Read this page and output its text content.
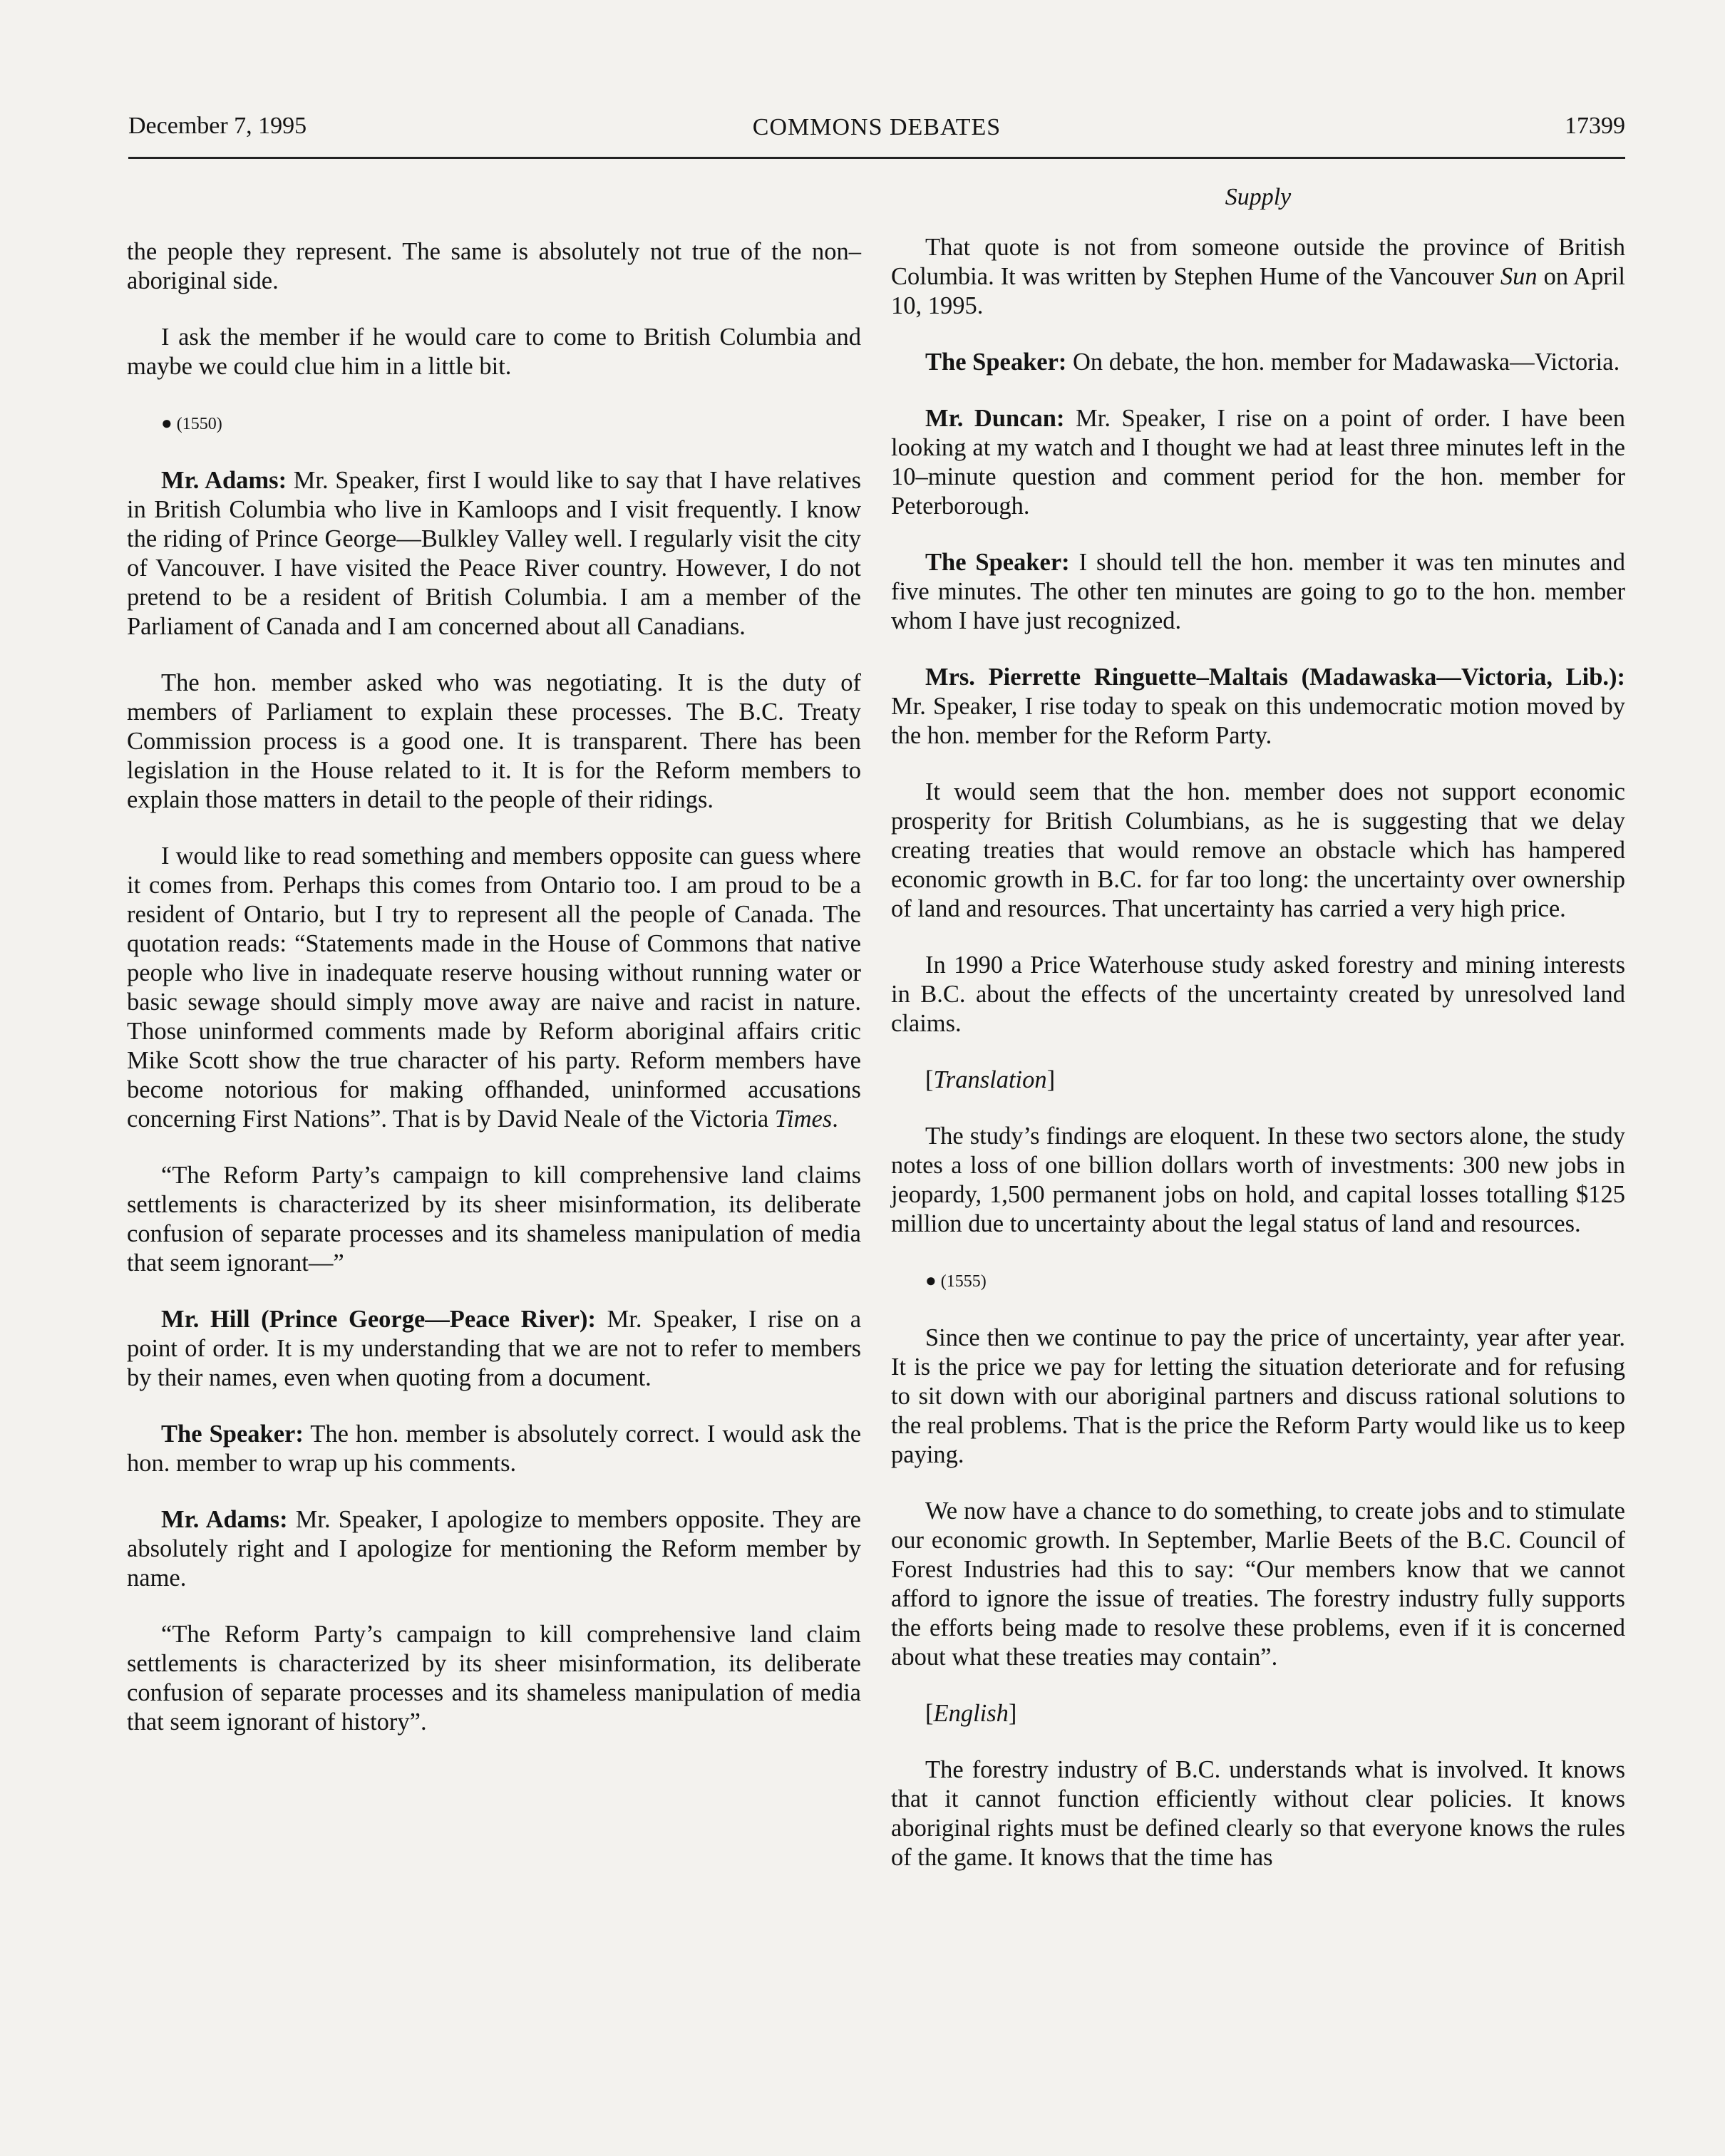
December 7, 1995	COMMONS DEBATES	17399

the people they represent. The same is absolutely not true of the non–aboriginal side.

I ask the member if he would care to come to British Columbia and maybe we could clue him in a little bit.

● (1550)

Mr. Adams: Mr. Speaker, first I would like to say that I have relatives in British Columbia who live in Kamloops and I visit frequently. I know the riding of Prince George—Bulkley Valley well. I regularly visit the city of Vancouver. I have visited the Peace River country. However, I do not pretend to be a resident of British Columbia. I am a member of the Parliament of Canada and I am concerned about all Canadians.

The hon. member asked who was negotiating. It is the duty of members of Parliament to explain these processes. The B.C. Treaty Commission process is a good one. It is transparent. There has been legislation in the House related to it. It is for the Reform members to explain those matters in detail to the people of their ridings.

I would like to read something and members opposite can guess where it comes from. Perhaps this comes from Ontario too. I am proud to be a resident of Ontario, but I try to represent all the people of Canada. The quotation reads: “Statements made in the House of Commons that native people who live in inadequate reserve housing without running water or basic sewage should simply move away are naive and racist in nature. Those uninformed comments made by Reform aboriginal affairs critic Mike Scott show the true character of his party. Reform members have become notorious for making offhanded, uninformed accusations concerning First Nations”. That is by David Neale of the Victoria Times.

“The Reform Party’s campaign to kill comprehensive land claims settlements is characterized by its sheer misinformation, its deliberate confusion of separate processes and its shameless manipulation of media that seem ignorant—”

Mr. Hill (Prince George—Peace River): Mr. Speaker, I rise on a point of order. It is my understanding that we are not to refer to members by their names, even when quoting from a document.

The Speaker: The hon. member is absolutely correct. I would ask the hon. member to wrap up his comments.

Mr. Adams: Mr. Speaker, I apologize to members opposite. They are absolutely right and I apologize for mentioning the Reform member by name.

“The Reform Party’s campaign to kill comprehensive land claim settlements is characterized by its sheer misinformation, its deliberate confusion of separate processes and its shameless manipulation of media that seem ignorant of history”.

Supply

That quote is not from someone outside the province of British Columbia. It was written by Stephen Hume of the Vancouver Sun on April 10, 1995.

The Speaker: On debate, the hon. member for Madawaska—Victoria.

Mr. Duncan: Mr. Speaker, I rise on a point of order. I have been looking at my watch and I thought we had at least three minutes left in the 10–minute question and comment period for the hon. member for Peterborough.

The Speaker: I should tell the hon. member it was ten minutes and five minutes. The other ten minutes are going to go to the hon. member whom I have just recognized.

Mrs. Pierrette Ringuette–Maltais (Madawaska—Victoria, Lib.): Mr. Speaker, I rise today to speak on this undemocratic motion moved by the hon. member for the Reform Party.

It would seem that the hon. member does not support economic prosperity for British Columbians, as he is suggesting that we delay creating treaties that would remove an obstacle which has hampered economic growth in B.C. for far too long: the uncertainty over ownership of land and resources. That uncertainty has carried a very high price.

In 1990 a Price Waterhouse study asked forestry and mining interests in B.C. about the effects of the uncertainty created by unresolved land claims.

[ Translation ]

The study’s findings are eloquent. In these two sectors alone, the study notes a loss of one billion dollars worth of investments: 300 new jobs in jeopardy, 1,500 permanent jobs on hold, and capital losses totalling $125 million due to uncertainty about the legal status of land and resources.

● (1555)

Since then we continue to pay the price of uncertainty, year after year. It is the price we pay for letting the situation deteriorate and for refusing to sit down with our aboriginal partners and discuss rational solutions to the real problems. That is the price the Reform Party would like us to keep paying.

We now have a chance to do something, to create jobs and to stimulate our economic growth. In September, Marlie Beets of the B.C. Council of Forest Industries had this to say: “Our members know that we cannot afford to ignore the issue of treaties. The forestry industry fully supports the efforts being made to resolve these problems, even if it is concerned about what these treaties may contain”.

[ English ]

The forestry industry of B.C. understands what is involved. It knows that it cannot function efficiently without clear policies. It knows aboriginal rights must be defined clearly so that everyone knows the rules of the game. It knows that the time has
